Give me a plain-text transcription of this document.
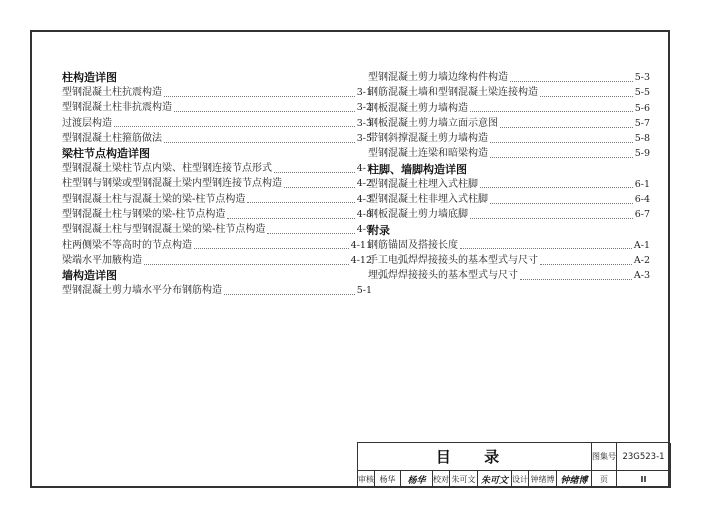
柱构造详图
型钢混凝土柱抗震构造	3-1
型钢混凝土柱非抗震构造	3-2
过渡层构造	3-3
型钢混凝土柱箍筋做法	3-5
梁柱节点构造详图
型钢混凝土梁柱节点内梁、柱型钢连接节点形式	4-1
柱型钢与钢梁或型钢混凝土梁内型钢连接节点构造	4-2
型钢混凝土柱与混凝土梁的梁-柱节点构造	4-3
型钢混凝土柱与钢梁的梁-柱节点构造	4-8
型钢混凝土柱与型钢混凝土梁的梁-柱节点构造	4-9
柱两侧梁不等高时的节点构造	4-11
梁端水平加腋构造	4-12
墙构造详图
型钢混凝土剪力墙水平分布钢筋构造	5-1
型钢混凝土剪力墙边缘构件构造	5-3
钢筋混凝土墙和型钢混凝土梁连接构造	5-5
钢板混凝土剪力墙构造	5-6
钢板混凝土剪力墙立面示意图	5-7
带钢斜撑混凝土剪力墙构造	5-8
型钢混凝土连梁和暗梁构造	5-9
柱脚、墙脚构造详图
型钢混凝土柱埋入式柱脚	6-1
型钢混凝土柱非埋入式柱脚	6-4
钢板混凝土剪力墙底脚	6-7
附录
钢筋锚固及搭接长度	A-1
手工电弧焊焊接接头的基本型式与尺寸	A-2
埋弧焊焊接接头的基本型式与尺寸	A-3
目 录	图集号 23G523-1
审核 杨华	杨华 校对 朱可文 朱可文 设计 钟绪博 钟绪博	页	II
